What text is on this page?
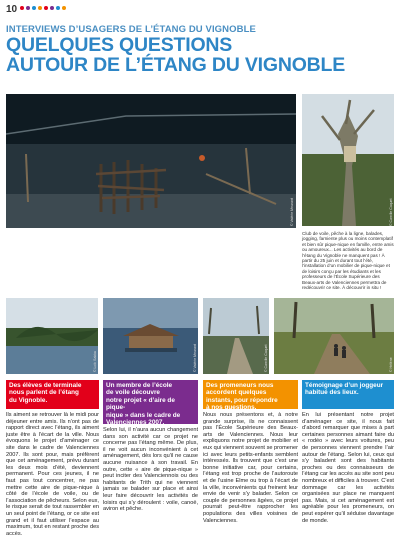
10
INTERVIEWS D’USAGERS DE L’ÉTANG DU VIGNOBLE
QUELQUES QUESTIONS
AUTOUR DE L’ÉTANG DU VIGNOBLE
Club de voile, pêche à la ligne, balades, jogging, farniente plus ou moins contemplatif et bien sûr pique-nique en famille, entre amis ou amoureux... Les activités au bord de l’étang du Vignoble ne manquent pas ! À partir du 25 juin et durant tout l’été, l’installation d’un mobilier de pique-nique et de loisirs conçu par les étudiants et les professeurs de l’École Supérieure des Beaux-arts de Valenciennes permettra de redécouvrir ce site. À découvrir in situ !
© Valérie Meurant	© Camille Coquet
© Loïc Sakka	© Valérie Meurant	© Camille Coquet	© Hélène
Des élèves de terminale
nous parlent de l’étang
du Vignoble.
Un membre de l’école
de voile découvre
notre projet « d’aire de pique-
nique » dans le cadre de
Valenciennes 2007.
Des promeneurs nous
accordent quelques
instants, pour répondre
à nos questions.
Témoignage d’un joggeur
habitué des lieux.

Ils aiment se retrouver là le midi pour déjeuner entre amis. Ils n’ont pas de rapport direct avec l’étang, ils aiment juste être à l’écart de la ville. Nous évoquons le projet d’aménager ce site dans le cadre de Valenciennes 2007. Ils sont pour, mais préfèrent que cet aménagement, prévu durant les deux mois d’été, deviennent permanent. Pour ces jeunes, il ne faut pas tout concentrer, ne pas mettre cette aire de pique-nique à côté de l’école de voile, ou de l’association de pêcheurs. Selon eux, le risque serait de tout rassembler en un seul point de l’étang, or ce site est grand et il faut utiliser l’espace au maximum, tout en restant proche des accès.

Selon lui, il n’aura aucun changement dans son activité car ce projet ne concerne pas l’étang même. De plus, il ne voit aucun inconvénient à cet aménagement, dès lors qu’il ne cause aucune nuisance à son travail. En outre, cette « aire de pique-nique » peut inciter des Valenciennois ou des habitants de Trith qui ne viennent jamais se balader sur place et ainsi leur faire découvrir les activités de loisirs qui s’y déroulent : voile, canoë, aviron et pêche.

Nous nous présentons et, à notre grande surprise, ils ne connaissent pas l’École Supérieure des Beaux-arts de Valenciennes. Nous leur expliquons notre projet de mobilier et eux qui viennent souvent se promener ici avec leurs petits-enfants semblent intéressés. Ils trouvent que c’est une bonne initiative car, pour certains, l’étang est trop proche de l’autoroute et de l’usine Elme ou trop à l’écart de la ville, inconvénients qui freinent leur envie de venir s’y balader. Selon ce couple de personnes âgées, ce projet pourrait peut-être rapprocher les populations des villes voisines de Valenciennes.

En lui présentant notre projet d’aménager ce site, il nous fait d’abord remarquer que mises à part certaines personnes aimant faire du « rodéo » avec leurs voitures, peu de personnes viennent prendre l’air autour de l’étang. Selon lui, ceux qui s’y baladent sont des habitants proches ou des connaisseurs de l’étang car les accès au site sont peu nombreux et difficiles à trouver. C’est dommage car les activités organisées sur place ne manquent pas. Mais, si cet aménagement est agréable pour les promeneurs, on peut espérer qu’il séduise davantage de monde.
